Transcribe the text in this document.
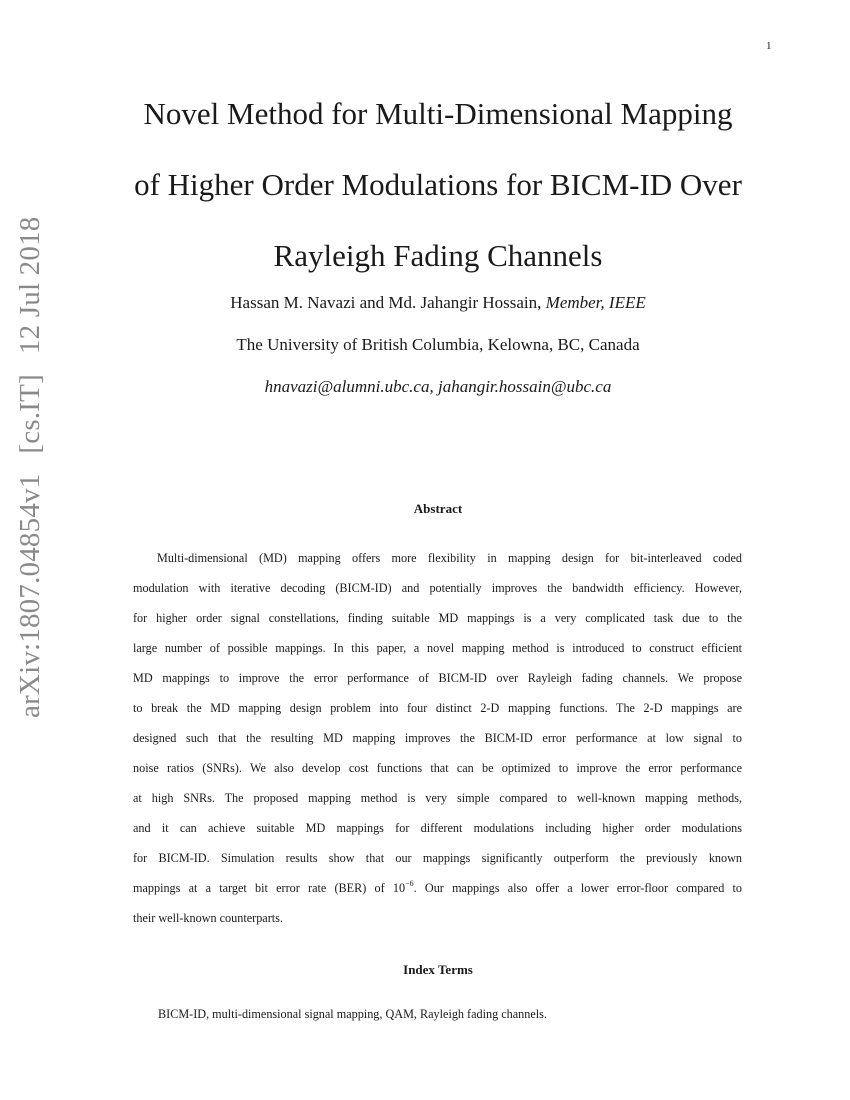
1
arXiv:1807.04854v1[cs.IT]12 Jul 2018
Novel Method for Multi-Dimensional Mapping
of Higher Order Modulations for BICM-ID Over
Rayleigh Fading Channels
Hassan M. Navazi and Md. Jahangir Hossain, Member, IEEE
The University of British Columbia, Kelowna, BC, Canada
hnavazi@alumni.ubc.ca, jahangir.hossain@ubc.ca
Abstract
Multi-dimensional (MD) mapping offers more flexibility in mapping design for bit-interleaved coded
modulation with iterative decoding (BICM-ID) and potentially improves the bandwidth efficiency. However,
for higher order signal constellations, finding suitable MD mappings is a very complicated task due to the
large number of possible mappings. In this paper, a novel mapping method is introduced to construct efficient
MD mappings to improve the error performance of BICM-ID over Rayleigh fading channels. We propose
to break the MD mapping design problem into four distinct 2-D mapping functions. The 2-D mappings are
designed such that the resulting MD mapping improves the BICM-ID error performance at low signal to
noise ratios (SNRs). We also develop cost functions that can be optimized to improve the error performance
at high SNRs. The proposed mapping method is very simple compared to well-known mapping methods,
and it can achieve suitable MD mappings for different modulations including higher order modulations
for BICM-ID. Simulation results show that our mappings significantly outperform the previously known
mappings at a target bit error rate (BER) of $10^{-6}$. Our mappings also offer a lower error-floor compared to
their well-known counterparts.
Index Terms
BICM-ID, multi-dimensional signal mapping, QAM, Rayleigh fading channels.
